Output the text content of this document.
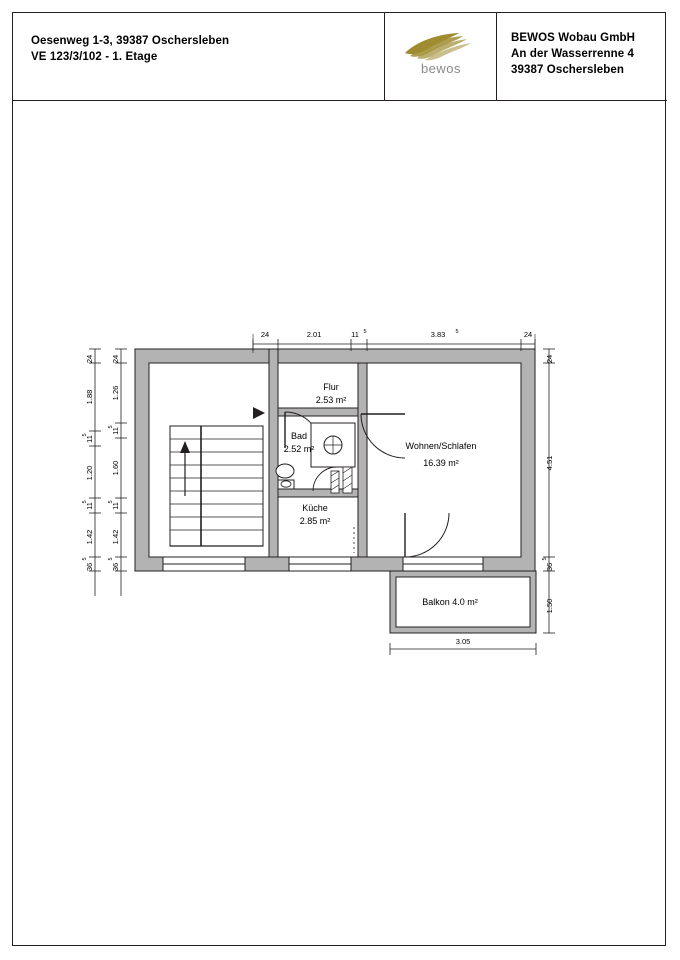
Oesenweg 1-3, 39387 Oschersleben
VE 123/3/102 - 1. Etage
bewos
BEWOS Wobau GmbH
An der Wasserrenne 4
39387 Oschersleben
24	2.01	11 5	3.83 5	24
24
1.26
11
5
1.60
11
5
1.42
36
5
24
1.88
11
5
1.20
11
5
1.42
36
5
24
4.51
36
5
1.50
3.05
Flur
2.53 m²
Bad
2.52 m²
Küche
2.85 m²
Wohnen/Schlafen
16.39 m²
Balkon 4.0 m²
